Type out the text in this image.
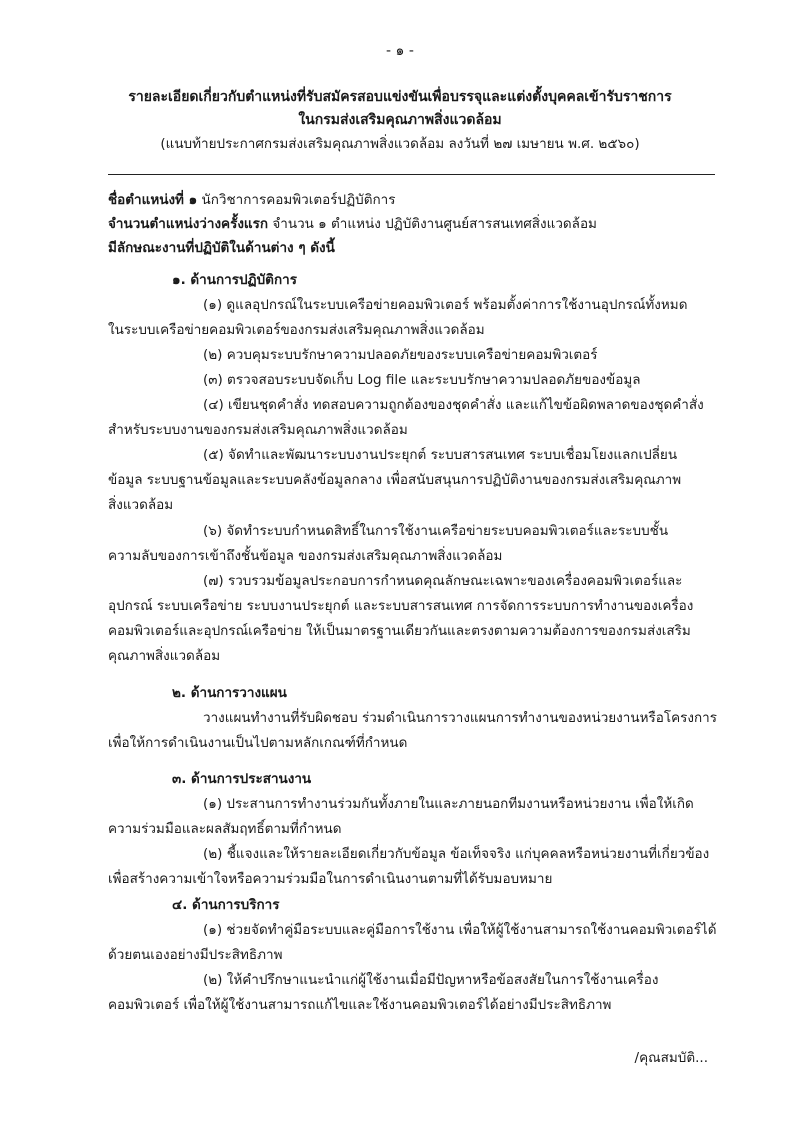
- ๑ -
รายละเอียดเกี่ยวกับตำแหน่งที่รับสมัครสอบแข่งขันเพื่อบรรจุและแต่งตั้งบุคคลเข้ารับราชการ
ในกรมส่งเสริมคุณภาพสิ่งแวดล้อม
(แนบท้ายประกาศกรมส่งเสริมคุณภาพสิ่งแวดล้อม ลงวันที่ ๒๗ เมษายน พ.ศ. ๒๕๖๐)
ชื่อตำแหน่งที่ ๑ นักวิชาการคอมพิวเตอร์ปฏิบัติการ
จำนวนตำแหน่งว่างครั้งแรก จำนวน ๑ ตำแหน่ง ปฏิบัติงานศูนย์สารสนเทศสิ่งแวดล้อม
มีลักษณะงานที่ปฏิบัติในด้านต่าง ๆ ดังนี้
๑. ด้านการปฏิบัติการ
(๑) ดูแลอุปกรณ์ในระบบเครือข่ายคอมพิวเตอร์ พร้อมตั้งค่าการใช้งานอุปกรณ์ทั้งหมด
ในระบบเครือข่ายคอมพิวเตอร์ของกรมส่งเสริมคุณภาพสิ่งแวดล้อม
(๒) ควบคุมระบบรักษาความปลอดภัยของระบบเครือข่ายคอมพิวเตอร์
(๓) ตรวจสอบระบบจัดเก็บ Log file และระบบรักษาความปลอดภัยของข้อมูล
(๔) เขียนชุดคำสั่ง ทดสอบความถูกต้องของชุดคำสั่ง และแก้ไขข้อผิดพลาดของชุดคำสั่ง
สำหรับระบบงานของกรมส่งเสริมคุณภาพสิ่งแวดล้อม
(๕) จัดทำและพัฒนาระบบงานประยุกต์ ระบบสารสนเทศ ระบบเชื่อมโยงแลกเปลี่ยน
ข้อมูล ระบบฐานข้อมูลและระบบคลังข้อมูลกลาง เพื่อสนับสนุนการปฏิบัติงานของกรมส่งเสริมคุณภาพ
สิ่งแวดล้อม
(๖) จัดทำระบบกำหนดสิทธิ์ในการใช้งานเครือข่ายระบบคอมพิวเตอร์และระบบชั้น
ความลับของการเข้าถึงชั้นข้อมูล ของกรมส่งเสริมคุณภาพสิ่งแวดล้อม
(๗) รวบรวมข้อมูลประกอบการกำหนดคุณลักษณะเฉพาะของเครื่องคอมพิวเตอร์และ
อุปกรณ์ ระบบเครือข่าย ระบบงานประยุกต์ และระบบสารสนเทศ การจัดการระบบการทำงานของเครื่อง
คอมพิวเตอร์และอุปกรณ์เครือข่าย ให้เป็นมาตรฐานเดียวกันและตรงตามความต้องการของกรมส่งเสริม
คุณภาพสิ่งแวดล้อม
๒. ด้านการวางแผน
วางแผนทำงานที่รับผิดชอบ ร่วมดำเนินการวางแผนการทำงานของหน่วยงานหรือโครงการ
เพื่อให้การดำเนินงานเป็นไปตามหลักเกณฑ์ที่กำหนด
๓. ด้านการประสานงาน
(๑) ประสานการทำงานร่วมกันทั้งภายในและภายนอกทีมงานหรือหน่วยงาน เพื่อให้เกิด
ความร่วมมือและผลสัมฤทธิ์ตามที่กำหนด
(๒) ชี้แจงและให้รายละเอียดเกี่ยวกับข้อมูล ข้อเท็จจริง แก่บุคคลหรือหน่วยงานที่เกี่ยวข้อง
เพื่อสร้างความเข้าใจหรือความร่วมมือในการดำเนินงานตามที่ได้รับมอบหมาย
๔. ด้านการบริการ
(๑) ช่วยจัดทำคู่มือระบบและคู่มือการใช้งาน เพื่อให้ผู้ใช้งานสามารถใช้งานคอมพิวเตอร์ได้
ด้วยตนเองอย่างมีประสิทธิภาพ
(๒) ให้คำปรึกษาแนะนำแก่ผู้ใช้งานเมื่อมีปัญหาหรือข้อสงสัยในการใช้งานเครื่อง
คอมพิวเตอร์ เพื่อให้ผู้ใช้งานสามารถแก้ไขและใช้งานคอมพิวเตอร์ได้อย่างมีประสิทธิภาพ
/คุณสมบัติ...
